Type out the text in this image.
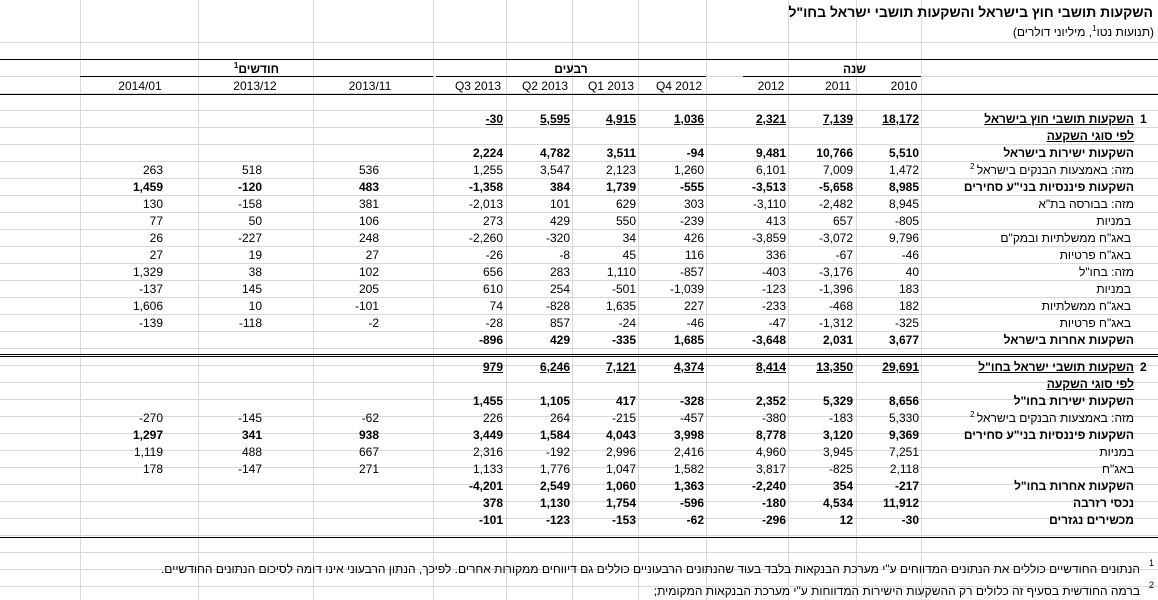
השקעות תושבי חוץ בישראל והשקעות תושבי ישראל בחו"ל
(תנועות נטו$^1$, מיליוני דולרים)
שנה
רבעים
חודשים$^1$
2010
2011
2012
Q4 2012
Q1 2013
Q2 2013
Q3 2013
2013/11
2013/12
2014/01
1
השקעות תושבי חוץ בישראל
18,172
7,139
2,321
1,036
4,915
5,595
-30
לפי סוגי השקעה
השקעות ישירות בישראל
5,510
10,766
9,481
-94
3,511
4,782
2,224
מזה: באמצעות הבנקים בישראל $^2$
1,472
7,009
6,101
1,260
2,123
3,547
1,255
536
518
263
השקעות פיננסיות בני"ע סחירים
8,985
-5,658
-3,513
-555
1,739
384
-1,358
483
-120
1,459
מזה: בבורסה בת"א
8,945
-2,482
-3,110
303
629
101
-2,013
381
-158
130
במניות
-805
657
413
-239
550
429
273
106
50
77
באג"ח ממשלתיות ובמק"ם
9,796
-3,072
-3,859
426
34
-320
-2,260
248
-227
26
באג"ח פרטיות
-46
-67
336
116
45
-8
-26
27
19
27
מזה: בחו"ל
40
-3,176
-403
-857
1,110
283
656
102
38
1,329
במניות
183
-1,396
-123
-1,039
-501
254
610
205
145
-137
באג"ח ממשלתיות
182
-468
-233
227
1,635
-828
74
-101
10
1,606
באג"ח פרטיות
-325
-1,312
-47
-46
-24
857
-28
-2
-118
-139
השקעות אחרות בישראל
3,677
2,031
-3,648
1,685
-335
429
-896
2
השקעות תושבי ישראל בחו"ל
29,691
13,350
8,414
4,374
7,121
6,246
979
לפי סוגי השקעה
השקעות ישירות בחו"ל
8,656
5,329
2,352
-328
417
1,105
1,455
מזה: באמצעות הבנקים בישראל $^2$
5,330
-183
-380
-457
-215
264
226
-62
-145
-270
השקעות פיננסיות בני"ע סחירים
9,369
3,120
8,778
3,998
4,043
1,584
3,449
938
341
1,297
במניות
7,251
3,945
4,960
2,416
2,996
-192
2,316
667
488
1,119
באג"ח
2,118
-825
3,817
1,582
1,047
1,776
1,133
271
-147
178
השקעות אחרות בחו"ל
-217
354
-2,240
1,363
1,060
2,549
-4,201
נכסי רזרבה
11,912
4,534
-180
-596
1,754
1,130
378
מכשירים נגזרים
-30
12
-296
-62
-153
-123
-101
1
הנתונים החודשיים כוללים את הנתונים המדווחים ע"י מערכת הבנקאות בלבד בעוד שהנתונים הרבעוניים כוללים גם דיווחים ממקורות אחרים. לפיכך, הנתון הרבעוני אינו דומה לסיכום הנתונים החודשיים.
2
ברמה החודשית בסעיף זה כלולים רק ההשקעות הישירות המדווחות ע"י מערכת הבנקאות המקומית;
